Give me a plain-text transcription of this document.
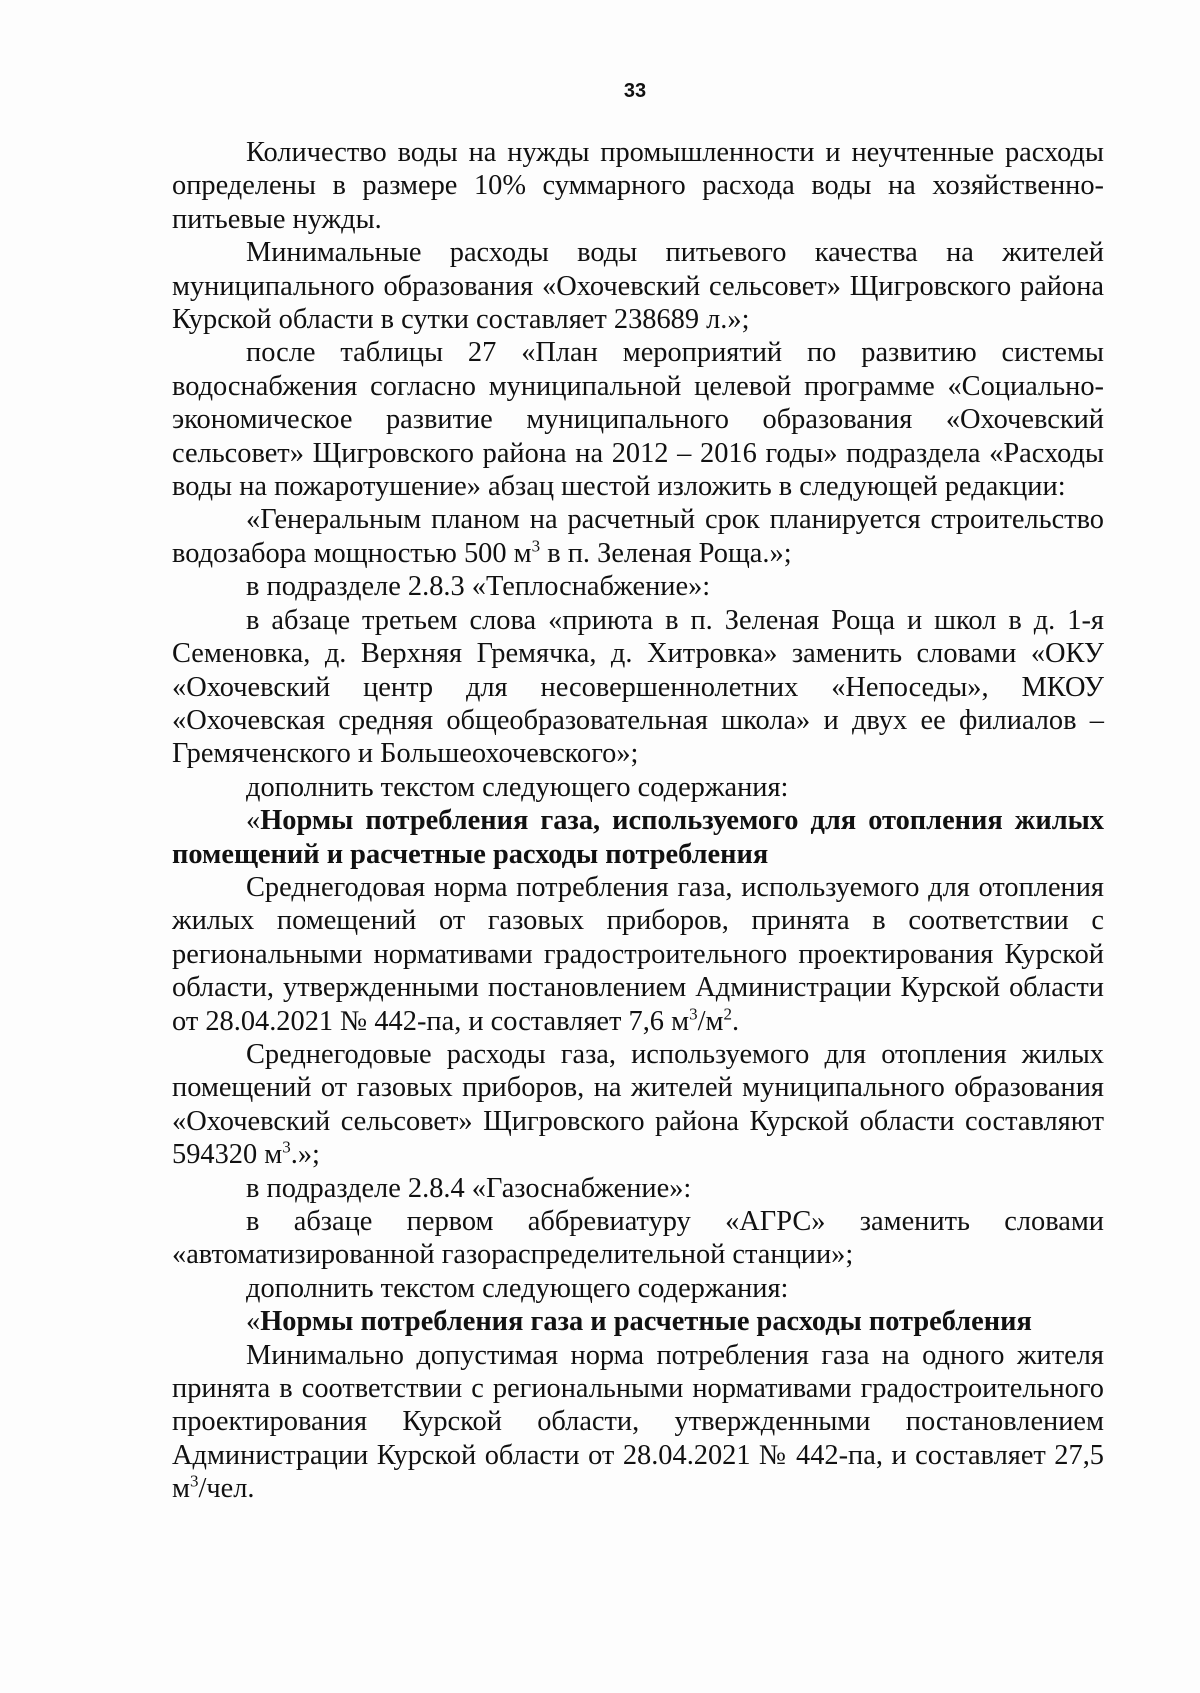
33

Количество воды на нужды промышленности и неучтенные расходы определены в размере 10% суммарного расхода воды на хозяйственно-питьевые нужды.

Минимальные расходы воды питьевого качества на жителей муниципального образования «Охочевский сельсовет» Щигровского района Курской области в сутки составляет 238689 л.»;

после таблицы 27 «План мероприятий по развитию системы водоснабжения согласно муниципальной целевой программе «Социально-экономическое развитие муниципального образования «Охочевский сельсовет» Щигровского района на 2012 – 2016 годы» подраздела «Расходы воды на пожаротушение» абзац шестой изложить в следующей редакции:

«Генеральным планом на расчетный срок планируется строительство водозабора мощностью 500 $м^3$ в п. Зеленая Роща.»;

в подразделе 2.8.3 «Теплоснабжение»:

в абзаце третьем слова «приюта в п. Зеленая Роща и школ в д. 1-я Семеновка, д. Верхняя Гремячка, д. Хитровка» заменить словами «ОКУ «Охочевский центр для несовершеннолетних «Непоседы», МКОУ «Охочевская средняя общеобразовательная школа» и двух ее филиалов – Гремяченского и Большеохочевского»;

дополнить текстом следующего содержания:

«Нормы потребления газа, используемого для отопления жилых помещений и расчетные расходы потребления

Среднегодовая норма потребления газа, используемого для отопления жилых помещений от газовых приборов, принята в соответствии с региональными нормативами градостроительного проектирования Курской области, утвержденными постановлением Администрации Курской области от 28.04.2021 № 442-па, и составляет 7,6 $м^3/м^2$.

Среднегодовые расходы газа, используемого для отопления жилых помещений от газовых приборов, на жителей муниципального образования «Охочевский сельсовет» Щигровского района Курской области составляют 594320 $м^3$.»;

в подразделе 2.8.4 «Газоснабжение»:

в абзаце первом аббревиатуру «АГРС» заменить словами «автоматизированной газораспределительной станции»;

дополнить текстом следующего содержания:

«Нормы потребления газа и расчетные расходы потребления

Минимально допустимая норма потребления газа на одного жителя принята в соответствии с региональными нормативами градостроительного проектирования Курской области, утвержденными постановлением Администрации Курской области от 28.04.2021 № 442-па, и составляет 27,5 $м^3$/чел.
